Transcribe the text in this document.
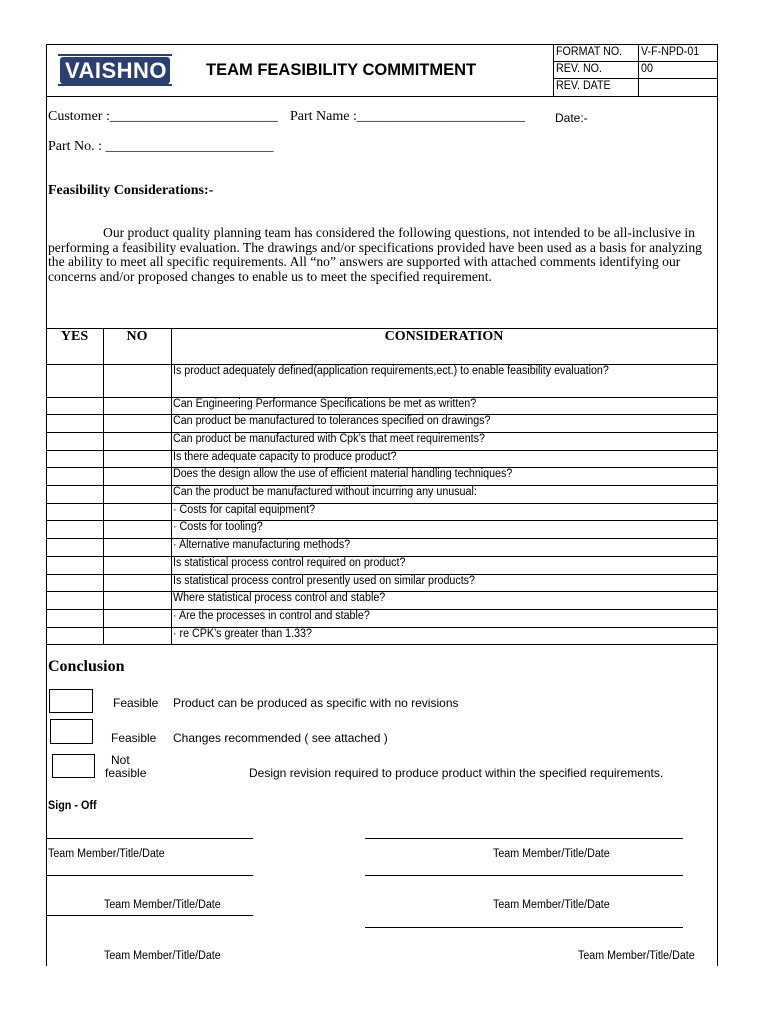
VAISHNO TEAM FEASIBILITY COMMITMENT
FORMAT NO. V-F-NPD-01
REV. NO.	00
REV. DATE
Customer :________________________ Part Name :________________________	Date:-
Part No. : ________________________
Feasibility Considerations:-
Our product quality planning team has considered the following questions, not intended to be all-inclusive in
performing a feasibility evaluation. The drawings and/or specifications provided have been used as a basis for analyzing
the ability to meet all specific requirements. All “no” answers are supported with attached comments identifying our
concerns and/or proposed changes to enable us to meet the specified requirement.
YES	NO	CONSIDERATION
Is product adequately defined(application requirements,ect.) to enable feasibility evaluation?
Can Engineering Performance Specifications be met as written?
Can product be manufactured to tolerances specified on drawings?
Can product be manufactured with Cpk’s that meet requirements?
Is there adequate capacity to produce product?
Does the design allow the use of efficient material handling techniques?
Can the product be manufactured without incurring any unusual:
· Costs for capital equipment?
· Costs for tooling?
· Alternative manufacturing methods?
Is statistical process control required on product?
Is statistical process control presently used on similar products?
Where statistical process control and stable?
· Are the processes in control and stable?
· re CPK’s greater than 1.33?
Conclusion
Feasible Product can be produced as specific with no revisions
Feasible Changes recommended ( see attached )
Not
feasible	Design revision required to produce product within the specified requirements.
Sign - Off
Team Member/Title/Date	Team Member/Title/Date
Team Member/Title/Date	Team Member/Title/Date
Team Member/Title/Date	Team Member/Title/Date
